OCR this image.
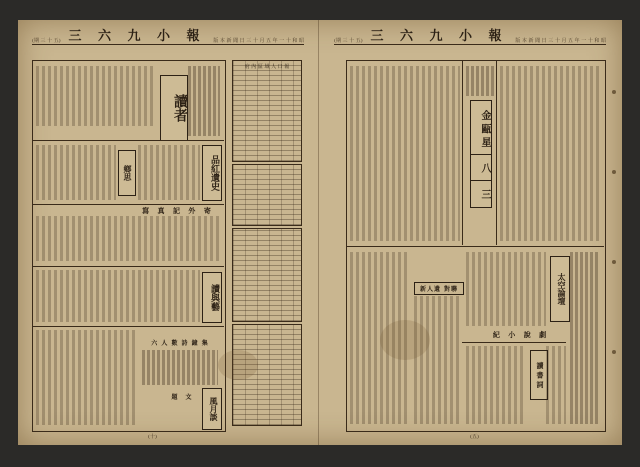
(期 三 十 五) 三 六 九 小 報 版 本 新 聞 日 三 十 月 五 年 一 十 和 昭
讀者
鄉思	品紅遺史
寫 真 記 外 寄
讀與藝
六 人 數 詩 鐘 集
風月談
題 文
府 內 區 域 人 口 報
(十)
(期 三 十 五) 三 六 九 小 報 版 本 新 聞 日 三 十 月 五 年 一 十 和 昭
金 甌 星
八
三
新人遺 對聯
紀 小 說 劇
太空論壇
讀 書 詞
(五)
